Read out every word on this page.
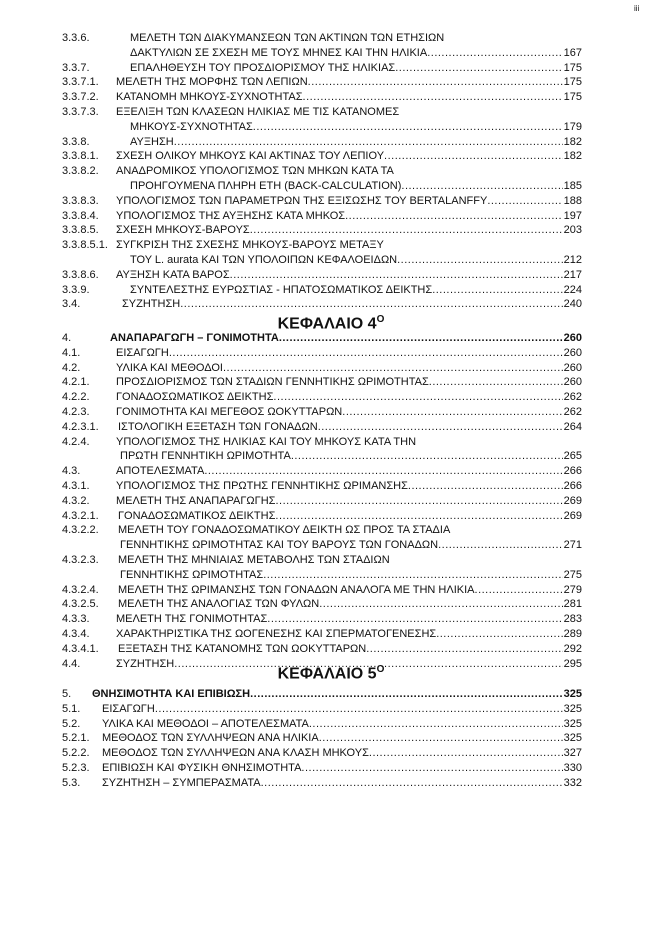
iii
3.3.6.	ΜΕΛΕΤΗ ΤΩΝ ΔΙΑΚΥΜΑΝΣΕΩΝ ΤΩΝ ΑΚΤΙΝΩΝ ΤΩΝ ΕΤΗΣΙΩΝ
ΔΑΚΤΥΛΙΩΝ ΣΕ ΣΧΕΣΗ ΜΕ ΤΟΥΣ ΜΗΝΕΣ ΚΑΙ ΤΗΝ ΗΛΙΚΙΑ .....	167
3.3.7.	ΕΠΑΛΗΘΕΥΣΗ ΤΟΥ ΠΡΟΣΔΙΟΡΙΣΜΟΥ ΤΗΣ ΗΛΙΚΙΑΣ .....	175
3.3.7.1. ΜΕΛΕΤΗ ΤΗΣ ΜΟΡΦΗΣ ΤΩΝ ΛΕΠΙΩΝ .....	175
3.3.7.2. ΚΑΤΑΝΟΜΗ ΜΗΚΟΥΣ-ΣΥΧΝΟΤΗΤΑΣ .....	175
3.3.7.3. ΕΞΕΛΙΞΗ ΤΩΝ ΚΛΑΣΕΩΝ ΗΛΙΚΙΑΣ ΜΕ ΤΙΣ ΚΑΤΑΝΟΜΕΣ
ΜΗΚΟΥΣ-ΣΥΧΝΟΤΗΤΑΣ .....	179
3.3.8.	ΑΥΞΗΣΗ .....	182
3.3.8.1. ΣΧΕΣΗ ΟΛΙΚΟΥ ΜΗΚΟΥΣ ΚΑΙ ΑΚΤΙΝΑΣ ΤΟΥ ΛΕΠΙΟΥ .....	182
3.3.8.2. ΑΝΑΔΡΟΜΙΚΟΣ ΥΠΟΛΟΓΙΣΜΟΣ ΤΩΝ ΜΗΚΩΝ ΚΑΤΑ ΤΑ
ΠΡΟΗΓΟΥΜΕΝΑ ΠΛΗΡΗ ΕΤΗ (BACK-CALCULATION) .....	185
3.3.8.3. ΥΠΟΛΟΓΙΣΜΟΣ ΤΩΝ ΠΑΡΑΜΕΤΡΩΝ ΤΗΣ ΕΞΙΣΩΣΗΣ ΤΟΥ BERTALANFFY .....	188
3.3.8.4. ΥΠΟΛΟΓΙΣΜΟΣ ΤΗΣ ΑΥΞΗΣΗΣ ΚΑΤΑ ΜΗΚΟΣ .....	197
3.3.8.5. ΣΧΕΣΗ ΜΗΚΟΥΣ-ΒΑΡΟΥΣ .....	203
3.3.8.5.1. ΣΥΓΚΡΙΣΗ ΤΗΣ ΣΧΕΣΗΣ ΜΗΚΟΥΣ-ΒΑΡΟΥΣ ΜΕΤΑΞΥ
ΤΟΥ L. aurata ΚΑΙ ΤΩΝ ΥΠΟΛΟΙΠΩΝ ΚΕΦΑΛΟΕΙΔΩΝ .....	212
3.3.8.6. ΑΥΞΗΣΗ ΚΑΤΑ ΒΑΡΟΣ .....	217
3.3.9.	ΣΥΝΤΕΛΕΣΤΗΣ ΕΥΡΩΣΤΙΑΣ - ΗΠΑΤΟΣΩΜΑΤΙΚΟΣ ΔΕΙΚΤΗΣ .....	224
3.4.	ΣΥΖΗΤΗΣΗ .....	240
ΚΕΦΑΛΑΙΟ $4^O$
4.	ΑΝΑΠΑΡΑΓΩΓΗ – ΓΟΝΙΜΟΤΗΤΑ .....	260
4.1.	ΕΙΣΑΓΩΓΗ .....	260
4.2.	ΥΛΙΚΑ ΚΑΙ ΜΕΘΟΔΟΙ .....	260
4.2.1. ΠΡΟΣΔΙΟΡΙΣΜΟΣ ΤΩΝ ΣΤΑΔΙΩΝ ΓΕΝΝΗΤΙΚΗΣ ΩΡΙΜΟΤΗΤΑΣ .....	260
4.2.2. ΓΟΝΑΔΟΣΩΜΑΤΙΚΟΣ ΔΕΙΚΤΗΣ .....	262
4.2.3. ΓΟΝΙΜΟΤΗΤΑ ΚΑΙ ΜΕΓΕΘΟΣ ΩΟΚΥΤΤΑΡΩΝ .....	262
4.2.3.1. ΙΣΤΟΛΟΓΙΚΗ ΕΞΕΤΑΣΗ ΤΩΝ ΓΟΝΑΔΩΝ .....	264
4.2.4. ΥΠΟΛΟΓΙΣΜΟΣ ΤΗΣ ΗΛΙΚΙΑΣ ΚΑΙ ΤΟΥ ΜΗΚΟΥΣ ΚΑΤΑ ΤΗΝ
ΠΡΩΤΗ ΓΕΝΝΗΤΙΚΗ ΩΡΙΜΟΤΗΤΑ .....	265
4.3.	ΑΠΟΤΕΛΕΣΜΑΤΑ .....	266
4.3.1. ΥΠΟΛΟΓΙΣΜΟΣ ΤΗΣ ΠΡΩΤΗΣ ΓΕΝΝΗΤΙΚΗΣ ΩΡΙΜΑΝΣΗΣ .....	266
4.3.2. ΜΕΛΕΤΗ ΤΗΣ ΑΝΑΠΑΡΑΓΩΓΗΣ .....	269
4.3.2.1. ΓΟΝΑΔΟΣΩΜΑΤΙΚΟΣ ΔΕΙΚΤΗΣ .....	269
4.3.2.2. ΜΕΛΕΤΗ ΤΟΥ ΓΟΝΑΔΟΣΩΜΑΤΙΚΟΥ ΔΕΙΚΤΗ ΩΣ ΠΡΟΣ ΤΑ ΣΤΑΔΙΑ
ΓΕΝΝΗΤΙΚΗΣ ΩΡΙΜΟΤΗΤΑΣ ΚΑΙ ΤΟΥ ΒΑΡΟΥΣ ΤΩΝ ΓΟΝΑΔΩΝ .....	271
4.3.2.3. ΜΕΛΕΤΗ ΤΗΣ ΜΗΝΙΑΙΑΣ ΜΕΤΑΒΟΛΗΣ ΤΩΝ ΣΤΑΔΙΩΝ
ΓΕΝΝΗΤΙΚΗΣ ΩΡΙΜΟΤΗΤΑΣ .....	275
4.3.2.4. ΜΕΛΕΤΗ ΤΗΣ ΩΡΙΜΑΝΣΗΣ ΤΩΝ ΓΟΝΑΔΩΝ ΑΝΑΛΟΓΑ ΜΕ ΤΗΝ ΗΛΙΚΙΑ .....	279
4.3.2.5. ΜΕΛΕΤΗ ΤΗΣ ΑΝΑΛΟΓΙΑΣ ΤΩΝ ΦΥΛΩΝ .....	281
4.3.3. ΜΕΛΕΤΗ ΤΗΣ ΓΟΝΙΜΟΤΗΤΑΣ .....	283
4.3.4. ΧΑΡΑΚΤΗΡΙΣΤΙΚΑ ΤΗΣ ΩΟΓΕΝΕΣΗΣ ΚΑΙ ΣΠΕΡΜΑΤΟΓΕΝΕΣΗΣ .....	289
4.3.4.1. ΕΞΕΤΑΣΗ ΤΗΣ ΚΑΤΑΝΟΜΗΣ ΤΩΝ ΩΟΚΥΤΤΑΡΩΝ .....	292
4.4.	ΣΥΖΗΤΗΣΗ .....	295
ΚΕΦΑΛΑΙΟ $5^O$
5. ΘΝΗΣΙΜΟΤΗΤΑ ΚΑΙ ΕΠΙΒΙΩΣΗ .....	325
5.1. ΕΙΣΑΓΩΓΗ .....	325
5.2. ΥΛΙΚΑ ΚΑΙ ΜΕΘΟΔΟΙ – ΑΠΟΤΕΛΕΣΜΑΤΑ .....	325
5.2.1. ΜΕΘΟΔΟΣ ΤΩΝ ΣΥΛΛΗΨΕΩΝ ΑΝΑ ΗΛΙΚΙΑ .....	325
5.2.2. ΜΕΘΟΔΟΣ ΤΩΝ ΣΥΛΛΗΨΕΩΝ ΑΝΑ ΚΛΑΣΗ ΜΗΚΟΥΣ .....	327
5.2.3. ΕΠΙΒΙΩΣΗ ΚΑΙ ΦΥΣΙΚΗ ΘΝΗΣΙΜΟΤΗΤΑ .....	330
5.3. ΣΥΖΗΤΗΣΗ – ΣΥΜΠΕΡΑΣΜΑΤΑ .....	332
